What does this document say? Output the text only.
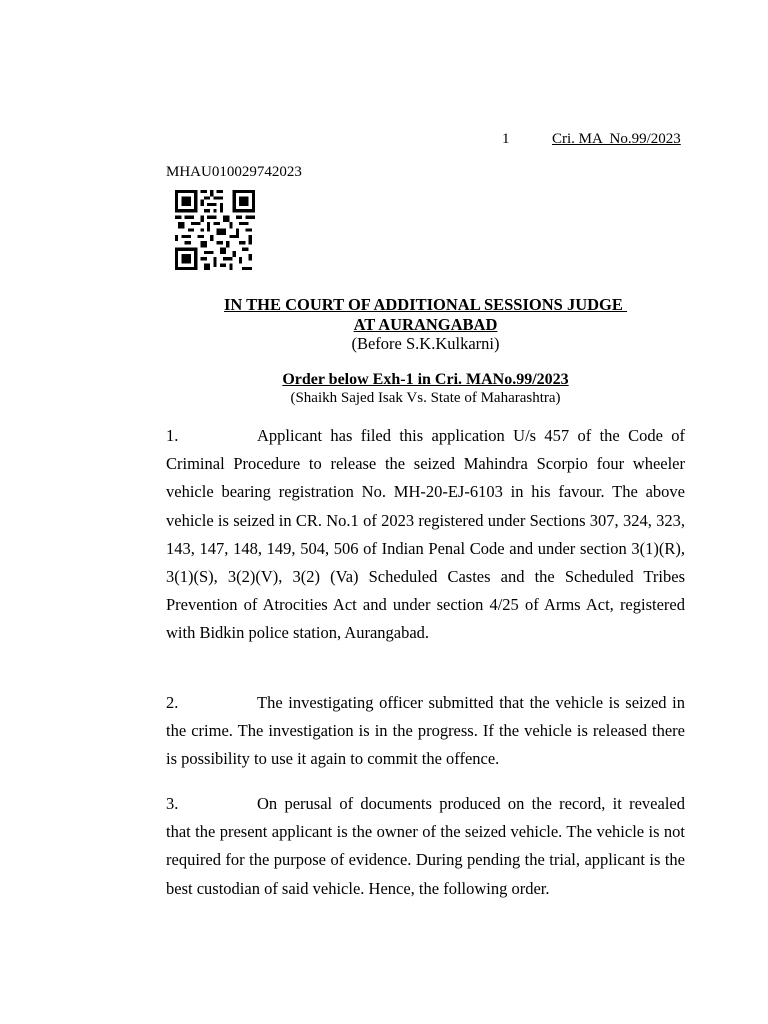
1	Cri. MA  No.99/2023
MHAU010029742023
IN THE COURT OF ADDITIONAL SESSIONS JUDGE
AT AURANGABAD
(Before S.K.Kulkarni)
Order below Exh-1 in Cri. MANo.99/2023
(Shaikh Sajed Isak Vs. State of Maharashtra)

1.	Applicant has filed this application U/s 457 of the Code of Criminal Procedure to release the seized Mahindra Scorpio four wheeler vehicle bearing registration No. MH-20-EJ-6103 in his favour. The above vehicle is seized in CR. No.1 of 2023 registered under Sections 307, 324, 323, 143, 147, 148, 149, 504, 506 of Indian Penal Code and under section 3(1)(R), 3(1)(S), 3(2)(V), 3(2) (Va) Scheduled Castes and the Scheduled Tribes Prevention of Atrocities Act and under section 4/25 of Arms Act, registered with Bidkin police station, Aurangabad.

2.	The investigating officer submitted that the vehicle is seized in the crime. The investigation is in the progress. If the vehicle is released there is possibility to use it again to commit the offence.

3.	On perusal of documents produced on the record, it revealed that the present applicant is the owner of the seized vehicle. The vehicle is not required for the purpose of evidence. During pending the trial, applicant is the best custodian of said vehicle. Hence, the following order.
